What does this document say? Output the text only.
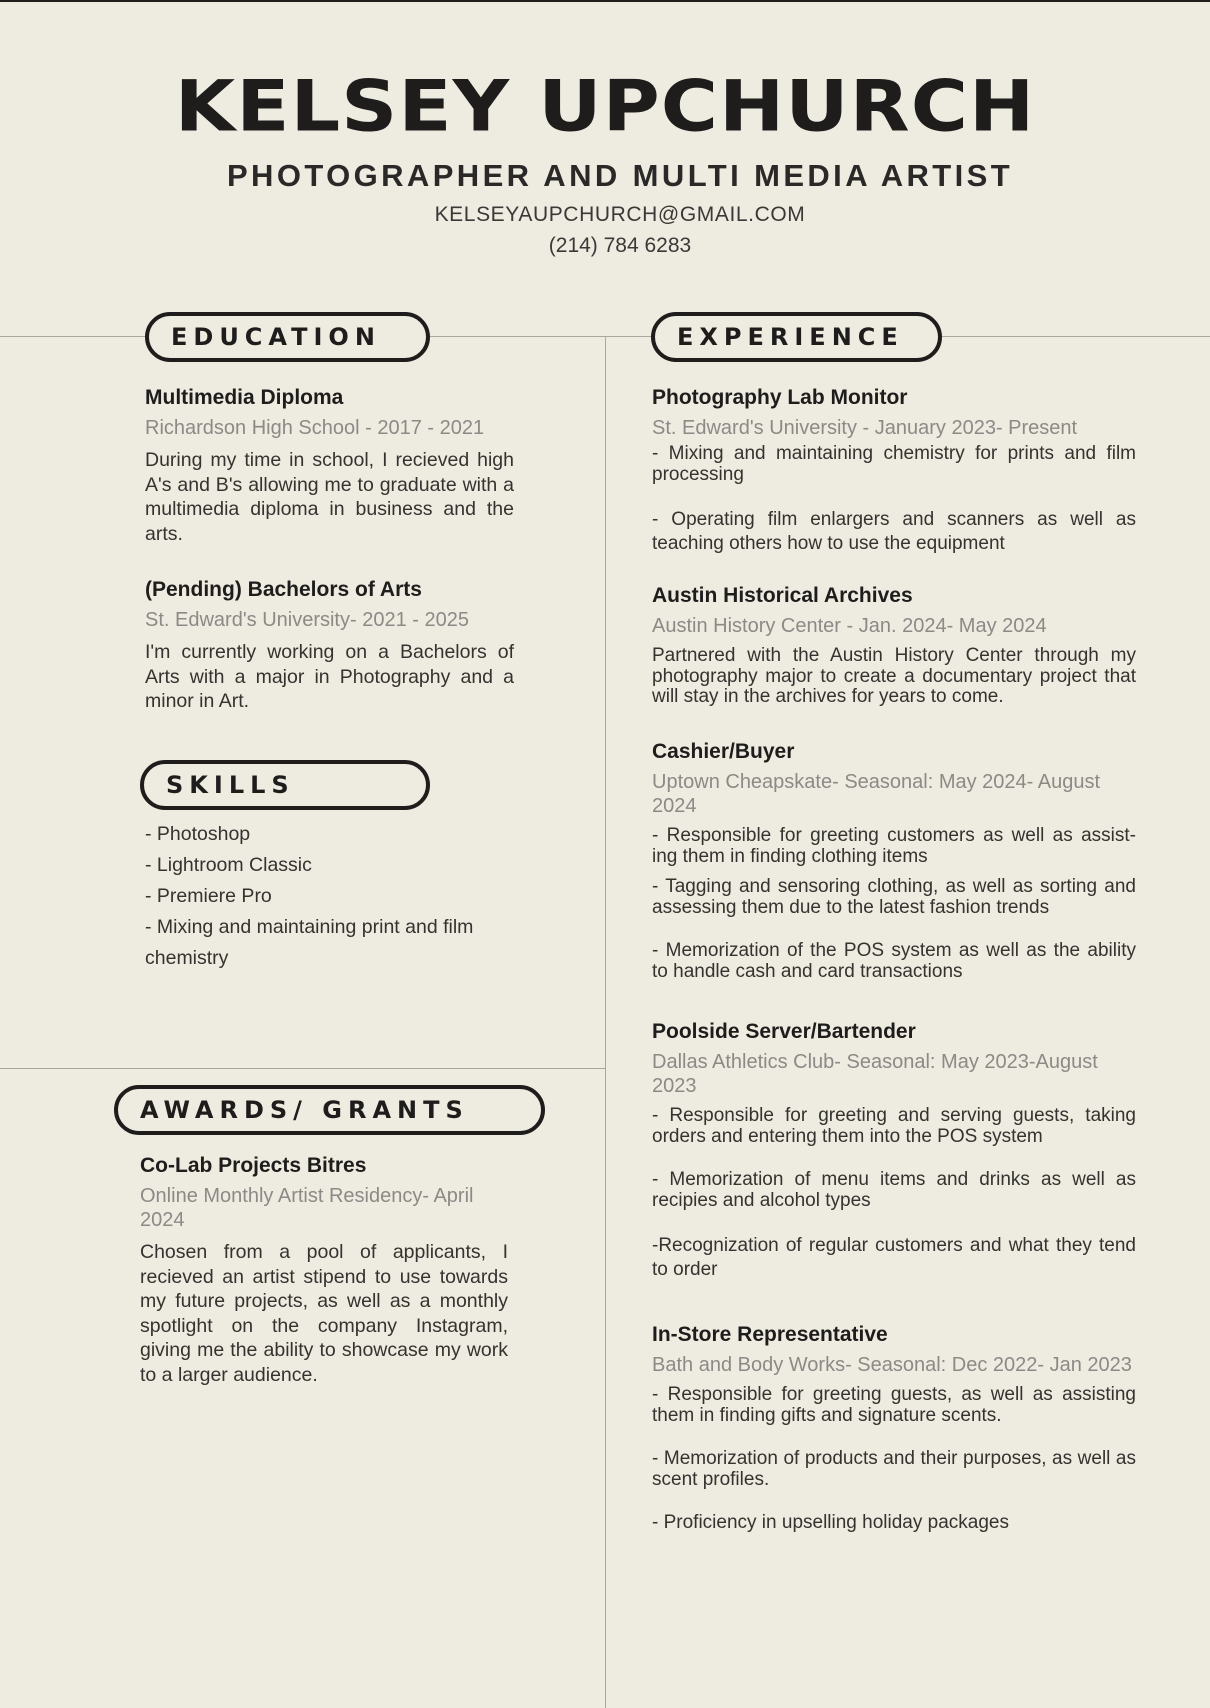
KELSEY UPCHURCH
PHOTOGRAPHER AND MULTI MEDIA ARTIST
KELSEYAUPCHURCH@GMAIL.COM
(214) 784 6283
EDUCATION

Multimedia Diploma

Richardson High School - 2017 - 2021

During my time in school, I recieved high A's and B's allowing me to graduate with a multimedia diploma in business and the arts.

(Pending) Bachelors of Arts

St. Edward's University- 2021 - 2025

I'm currently working on a Bachelors of Arts with a major in Photography and a minor in Art.

SKILLS

- Photoshop

- Lightroom Classic

- Premiere Pro

- Mixing and maintaining print and film chemistry

AWARDS/ GRANTS

Co-Lab Projects Bitres

Online Monthly Artist Residency- April 2024

Chosen from a pool of applicants, I recieved an artist stipend to use towards my future projects, as well as a monthly spotlight on the company Instagram, giving me the ability to showcase my work to a larger audience.

EXPERIENCE

Photography Lab Monitor

St. Edward's University - January 2023- Present

- Mixing and maintaining chemistry for prints and film processing

- Operating film enlargers and scanners as well as teaching others how to use the equipment

Austin Historical Archives

Austin History Center - Jan. 2024- May 2024

Partnered with the Austin History Center through my photography major to create a documentary project that will stay in the archives for years to come.

Cashier/Buyer

Uptown Cheapskate- Seasonal: May 2024- August 2024

- Responsible for greeting customers as well as assist-ing them in finding clothing items

- Tagging and sensoring clothing, as well as sorting and assessing them due to the latest fashion trends

- Memorization of the POS system as well as the ability to handle cash and card transactions

Poolside Server/Bartender

Dallas Athletics Club- Seasonal: May 2023-August 2023

- Responsible for greeting and serving guests, taking orders and entering them into the POS system

- Memorization of menu items and drinks as well as recipies and alcohol types

-Recognization of regular customers and what they tend to order

In-Store Representative

Bath and Body Works- Seasonal: Dec 2022- Jan 2023

- Responsible for greeting guests, as well as assisting them in finding gifts and signature scents.

- Memorization of products and their purposes, as well as scent profiles.

- Proficiency in upselling holiday packages
